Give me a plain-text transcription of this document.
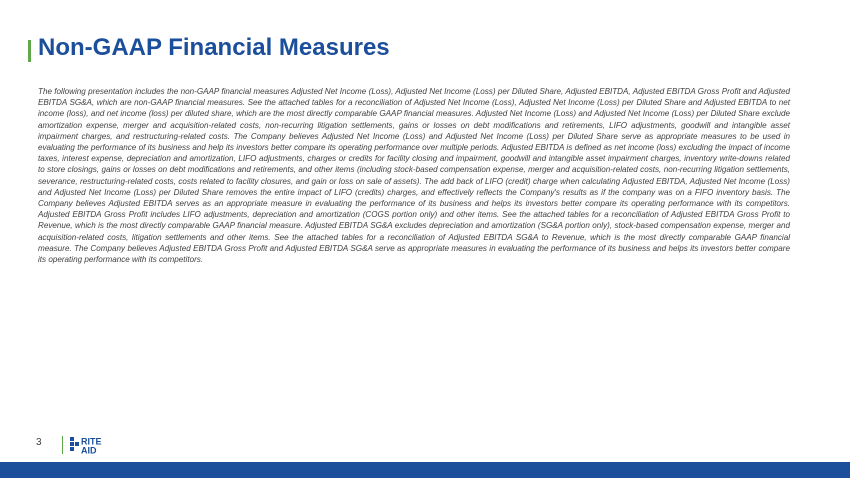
Non-GAAP Financial Measures

The following presentation includes the non-GAAP financial measures Adjusted Net Income (Loss), Adjusted Net Income (Loss) per Diluted Share, Adjusted EBITDA, Adjusted EBITDA Gross Profit and Adjusted EBITDA SG&A, which are non-GAAP financial measures. See the attached tables for a reconciliation of Adjusted Net Income (Loss), Adjusted Net Income (Loss) per Diluted Share and Adjusted EBITDA to net income (loss), and net income (loss) per diluted share, which are the most directly comparable GAAP financial measures. Adjusted Net Income (Loss) and Adjusted Net Income (Loss) per Diluted Share exclude amortization expense, merger and acquisition-related costs, non-recurring litigation settlements, gains or losses on debt modifications and retirements, LIFO adjustments, goodwill and intangible asset impairment charges, and restructuring-related costs. The Company believes Adjusted Net Income (Loss) and Adjusted Net Income (Loss) per Diluted Share serve as appropriate measures to be used in evaluating the performance of its business and help its investors better compare its operating performance over multiple periods. Adjusted EBITDA is defined as net income (loss) excluding the impact of income taxes, interest expense, depreciation and amortization, LIFO adjustments, charges or credits for facility closing and impairment, goodwill and intangible asset impairment charges, inventory write-downs related to store closings, gains or losses on debt modifications and retirements, and other items (including stock-based compensation expense, merger and acquisition-related costs, non-recurring litigation settlements, severance, restructuring-related costs, costs related to facility closures, and gain or loss on sale of assets). The add back of LIFO (credit) charge when calculating Adjusted EBITDA, Adjusted Net Income (Loss) and Adjusted Net Income (Loss) per Diluted Share removes the entire impact of LIFO (credits) charges, and effectively reflects the Company's results as if the company was on a FIFO inventory basis. The Company believes Adjusted EBITDA serves as an appropriate measure in evaluating the performance of its business and helps its investors better compare its operating performance with its competitors. Adjusted EBITDA Gross Profit includes LIFO adjustments, depreciation and amortization (COGS portion only) and other items. See the attached tables for a reconciliation of Adjusted EBITDA Gross Profit to Revenue, which is the most directly comparable GAAP financial measure. Adjusted EBITDA SG&A excludes depreciation and amortization (SG&A portion only), stock-based compensation expense, merger and acquisition-related costs, litigation settlements and other items. See the attached tables for a reconciliation of Adjusted EBITDA SG&A to Revenue, which is the most directly comparable GAAP financial measure. The Company believes Adjusted EBITDA Gross Profit and Adjusted EBITDA SG&A serve as appropriate measures in evaluating the performance of its business and helps its investors better compare its operating performance with its competitors.

3	RITE
AID
